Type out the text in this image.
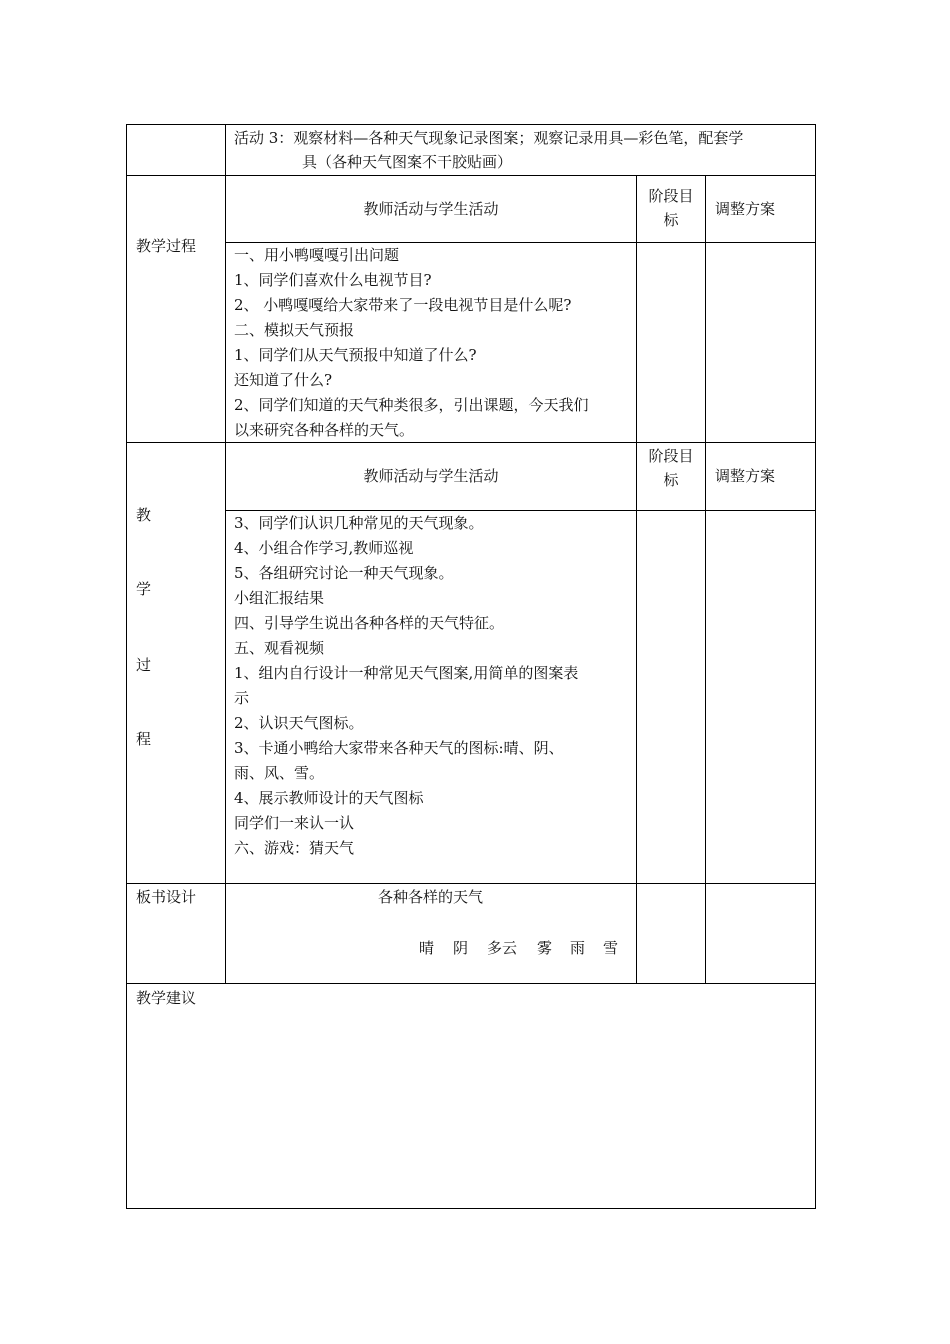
活动 3：观察材料—各种天气现象记录图案；观察记录用具—彩色笔，配套学
具（各种天气图案不干胶贴画）
教学过程
教师活动与学生活动
阶段目
标
调整方案
一、用小鸭嘎嘎引出问题
1、同学们喜欢什么电视节目?
2、 小鸭嘎嘎给大家带来了一段电视节目是什么呢?
二、模拟天气预报
1、同学们从天气预报中知道了什么?
还知道了什么?
2、同学们知道的天气种类很多，引出课题，今天我们
以来研究各种各样的天气。
教
学
过
程
教师活动与学生活动
阶段目
标	调整方案
3、同学们认识几种常见的天气现象。
4、小组合作学习,教师巡视
5、各组研究讨论一种天气现象。
小组汇报结果
四、引导学生说出各种各样的天气特征。
五、观看视频
1、组内自行设计一种常见天气图案,用简单的图案表
示
2、认识天气图标。
3、卡通小鸭给大家带来各种天气的图标:晴、阴、
雨、风、雪。
4、展示教师设计的天气图标
同学们一来认一认
六、游戏：猜天气
板书设计	各种各样的天气
晴 阴 多云 雾 雨 雪
教学建议
